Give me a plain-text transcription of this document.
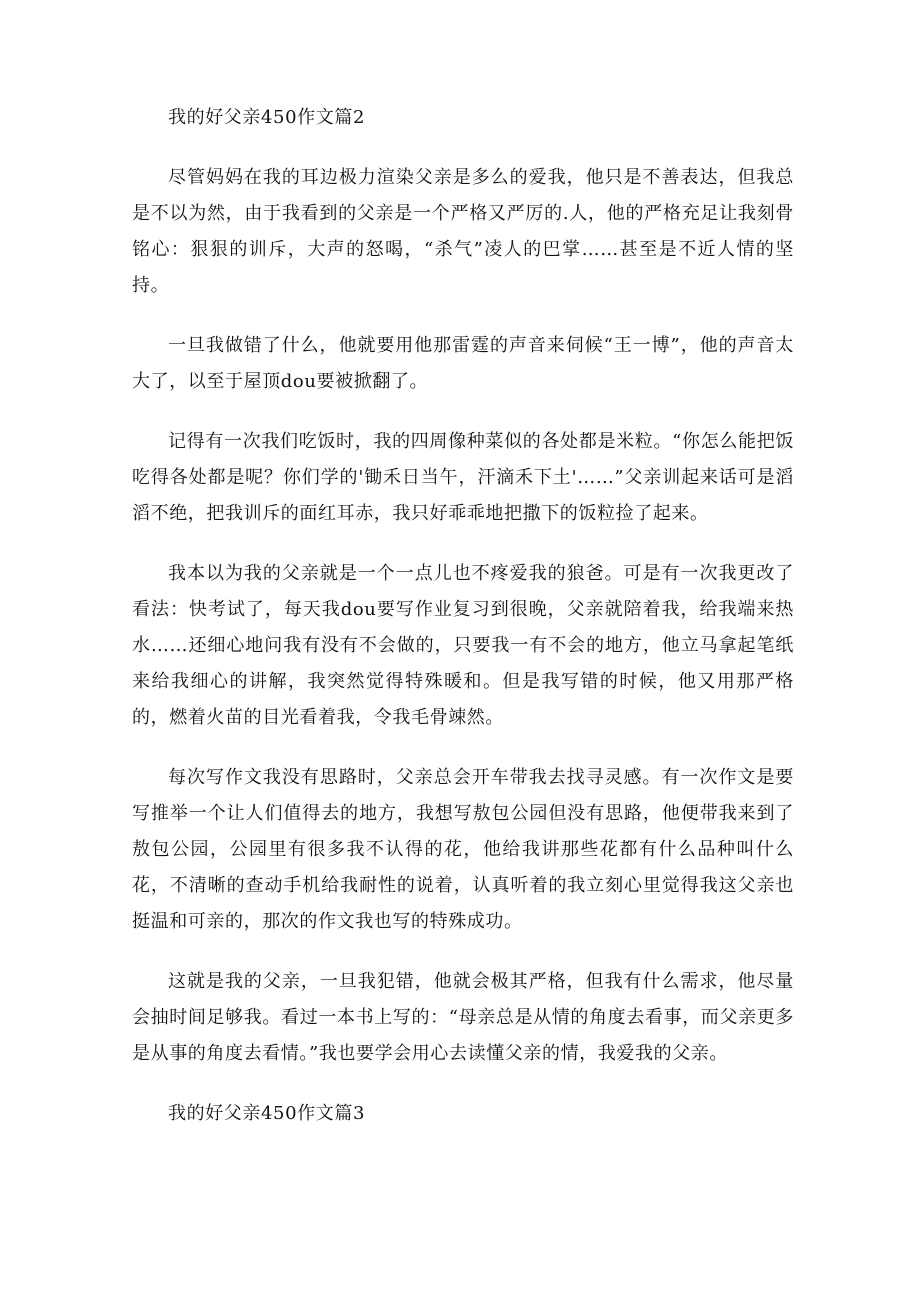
我的好父亲450作文篇2

尽管妈妈在我的耳边极力渲染父亲是多么的爱我，他只是不善表达，但我总是不以为然，由于我看到的父亲是一个严格又严厉的.人，他的严格充足让我刻骨铭心：狠狠的训斥，大声的怒喝，“杀气”凌人的巴掌……甚至是不近人情的坚持。

一旦我做错了什么，他就要用他那雷霆的声音来伺候“王一博”，他的声音太大了，以至于屋顶dou要被掀翻了。

记得有一次我们吃饭时，我的四周像种菜似的各处都是米粒。“你怎么能把饭吃得各处都是呢？你们学的'锄禾日当午，汗滴禾下土'……”父亲训起来话可是滔滔不绝，把我训斥的面红耳赤，我只好乖乖地把撒下的饭粒捡了起来。

我本以为我的父亲就是一个一点儿也不疼爱我的狼爸。可是有一次我更改了看法：快考试了，每天我dou要写作业复习到很晚，父亲就陪着我，给我端来热水……还细心地问我有没有不会做的，只要我一有不会的地方，他立马拿起笔纸来给我细心的讲解，我突然觉得特殊暖和。但是我写错的时候，他又用那严格的，燃着火苗的目光看着我，令我毛骨竦然。

每次写作文我没有思路时，父亲总会开车带我去找寻灵感。有一次作文是要写推举一个让人们值得去的地方，我想写敖包公园但没有思路，他便带我来到了敖包公园，公园里有很多我不认得的花，他给我讲那些花都有什么品种叫什么花，不清晰的查动手机给我耐性的说着，认真听着的我立刻心里觉得我这父亲也挺温和可亲的，那次的作文我也写的特殊成功。

这就是我的父亲，一旦我犯错，他就会极其严格，但我有什么需求，他尽量会抽时间足够我。看过一本书上写的：“母亲总是从情的角度去看事，而父亲更多是从事的角度去看情。”我也要学会用心去读懂父亲的情，我爱我的父亲。

我的好父亲450作文篇3
